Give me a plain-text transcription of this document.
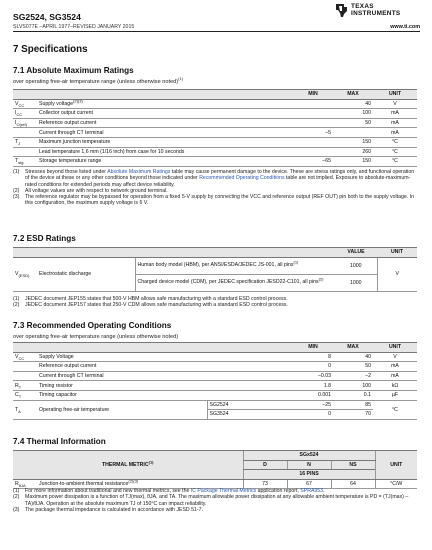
SG2524, SG3524
SLVS077E –APRIL 1977–REVISED JANUARY 2015	www.ti.com
TEXAS
INSTRUMENTS
7 Specifications
7.1 Absolute Maximum Ratings
over operating free-air temperature range (unless otherwise noted)$^{(1)}$
		MIN	MAX	UNIT
$V_{CC}$	Supply voltage$^{(2)(3)}$		40	V
$I_{CC}$	Collector output current		100	mA
$I_{O(ref)}$	Reference output current		50	mA
	Current through CT terminal	–5		mA
$T_J$	Maximum junction temperature		150	°C
	Lead temperature 1,6 mm (1/16 inch) from case for 10 seconds		260	°C
$T_{stg}$	Storage temperature range	–65	150	°C
(1)	Stresses beyond those listed under Absolute Maximum Ratings table may cause permanent damage to the device. These are stress ratings only, and functional operation of the device at these or any other conditions beyond those indicated under Recommended Operating Conditions table are not implied. Exposure to absolute-maximum-rated conditions for extended periods may affect device reliability.
(2)	All voltage values are with respect to network ground terminal.
(3)	The reference regulator may be bypassed for operation from a fixed 5-V supply by connecting the VCC and reference output (REF OUT) pin both to the supply voltage. In this configuration, the maximum supply voltage is 6 V.
7.2 ESD Ratings
			VALUE	UNIT
$V_{(ESD)}$	Electrostatic discharge	Human body model (HBM), per ANSI/ESDA/JEDEC JS-001, all pins$^{(1)}$	1000	V
		Charged device model (CDM), per JEDEC specification JESD22-C101, all pins$^{(2)}$	1000	
(1)	JEDEC document JEP155 states that 500-V HBM allows safe manufacturing with a standard ESD control process.
(2)	JEDEC document JEP157 states that 250-V CDM allows safe manufacturing with a standard ESD control process.
7.3 Recommended Operating Conditions
over operating free-air temperature range (unless otherwise noted)
			MIN	MAX	UNIT
$V_{CC}$	Supply Voltage		8	40	V
	Reference output current		0	50	mA
	Current through CT terminal		–0.03	–2	mA
$R_T$	Timing resistor		1.8	100	kΩ
$C_T$	Timing capacitor		0.001	0.1	µF
$T_A$	Operating free-air temperature	SG2524	–25	85	°C
		SG3524	0	70	
7.4 Thermal Information
THERMAL METRIC$^{(1)}$		SGx524			UNIT
		D	N	NS	
		16 PINS			
$R_{\theta JA}$	Junction-to-ambient thermal resistance$^{(2)(3)}$	73	67	64	°C/W
(1)	For more information about traditional and new thermal metrics, see the IC Package Thermal Metrics application report, SPRA953.
(2)	Maximum power dissipation is a function of TJ(max), θJA, and TA. The maximum allowable power dissipation at any allowable ambient temperature is PD = (TJ(max) – TA)/θJA. Operation at the absolute maximum TJ of 150°C can impact reliability.
(3)	The package thermal impedance is calculated in accordance with JESD 51-7.
